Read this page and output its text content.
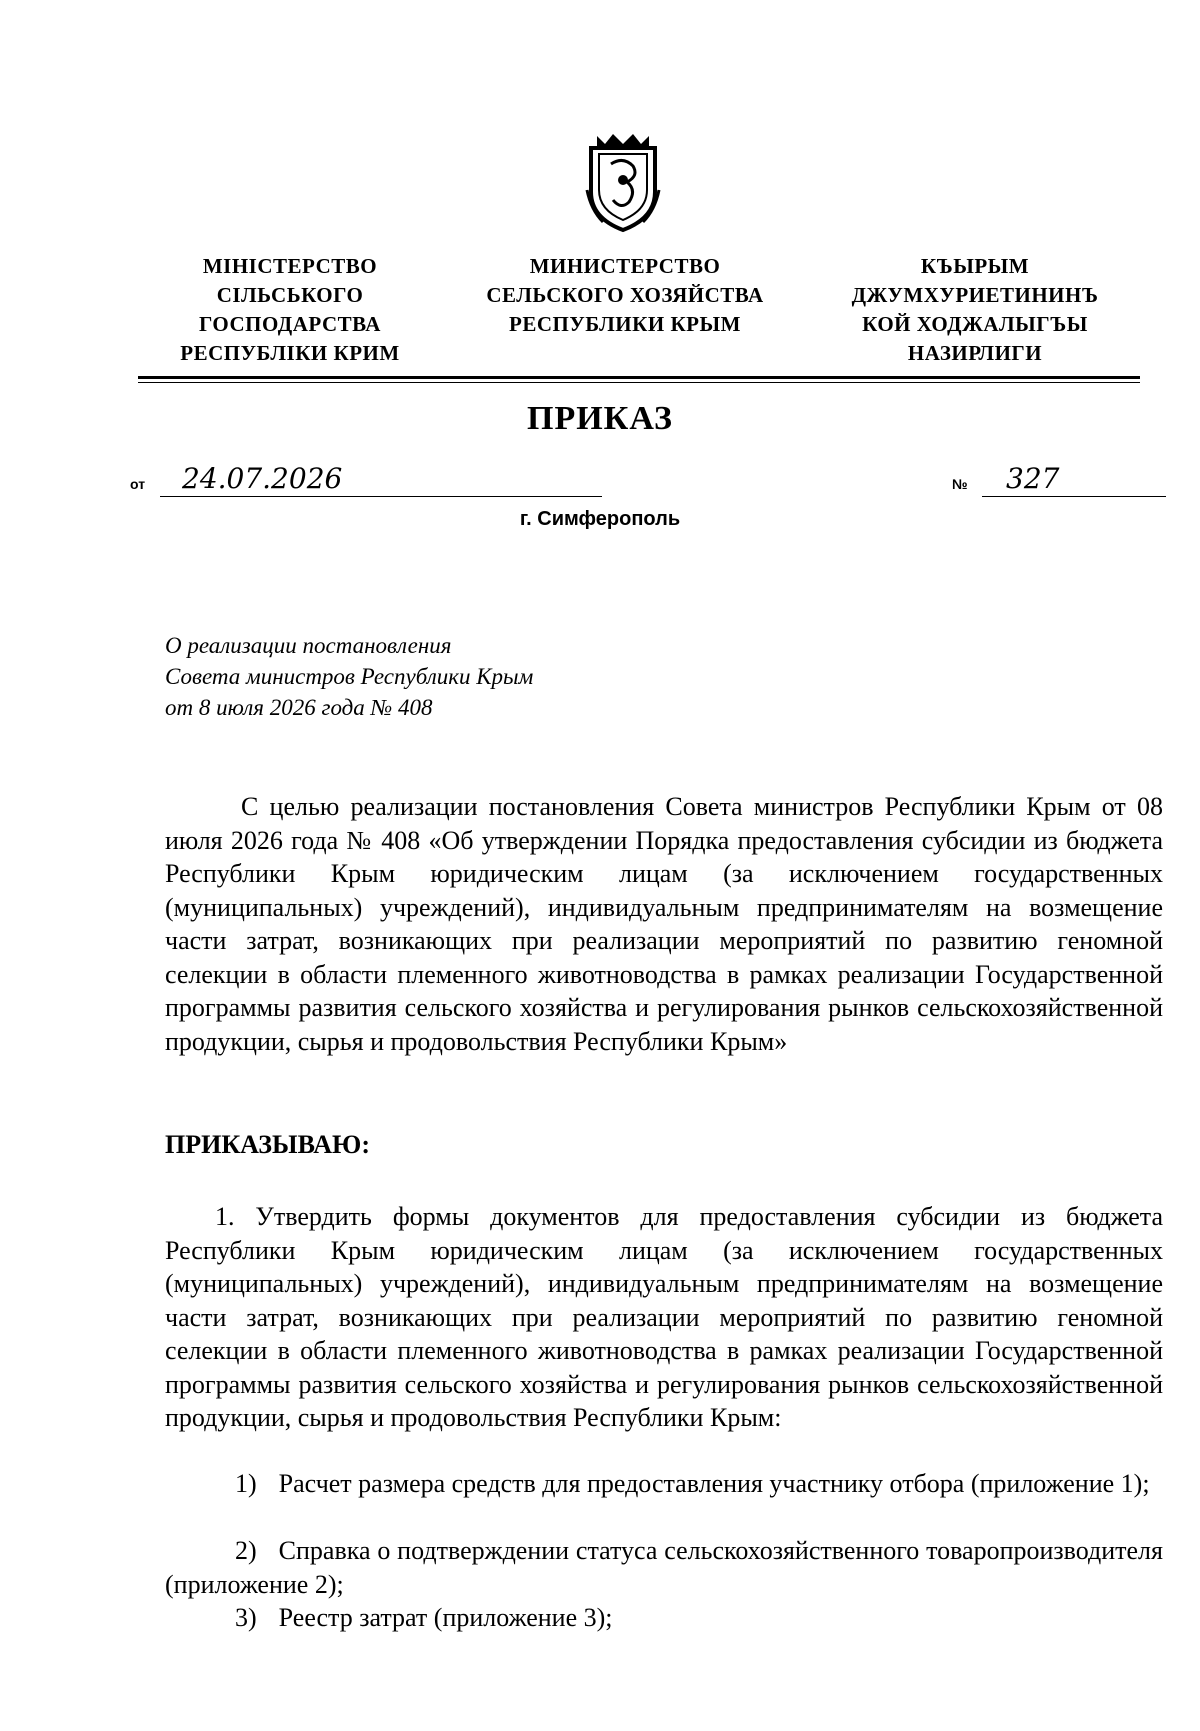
МІНІСТЕРСТВО
СІЛЬСЬКОГО
ГОСПОДАРСТВА
РЕСПУБЛІКИ КРИМ
МИНИСТЕРСТВО
СЕЛЬСКОГО ХОЗЯЙСТВА
РЕСПУБЛИКИ КРЫМ
КЪЫРЫМ
ДЖУМХУРИЕТИНИНЪ
КОЙ ХОДЖАЛЫГЪЫ
НАЗИРЛИГИ
ПРИКАЗ
от	24.07.2026	№	327
г. Симферополь
О реализации постановления
Совета министров Республики Крым
от 8 июля 2026 года № 408
С целью реализации постановления Совета министров Республики Крым от 08 июля 2026 года № 408 «Об утверждении Порядка предоставления субсидии из бюджета Республики Крым юридическим лицам (за исключением государственных (муниципальных) учреждений), индивидуальным предпринимателям на возмещение части затрат, возникающих при реализации мероприятий по развитию геномной селекции в области племенного животноводства в рамках реализации Государственной программы развития сельского хозяйства и регулирования рынков сельскохозяйственной продукции, сырья и продовольствия Республики Крым»
ПРИКАЗЫВАЮ:
1. Утвердить формы документов для предоставления субсидии из бюджета Республики Крым юридическим лицам (за исключением государственных (муниципальных) учреждений), индивидуальным предпринимателям на возмещение части затрат, возникающих при реализации мероприятий по развитию геномной селекции в области племенного животноводства в рамках реализации Государственной программы развития сельского хозяйства и регулирования рынков сельскохозяйственной продукции, сырья и продовольствия Республики Крым:
1) Расчет размера средств для предоставления участнику отбора (приложение 1);
2) Справка о подтверждении статуса сельскохозяйственного товаропроизводителя (приложение 2);
3) Реестр затрат (приложение 3);
